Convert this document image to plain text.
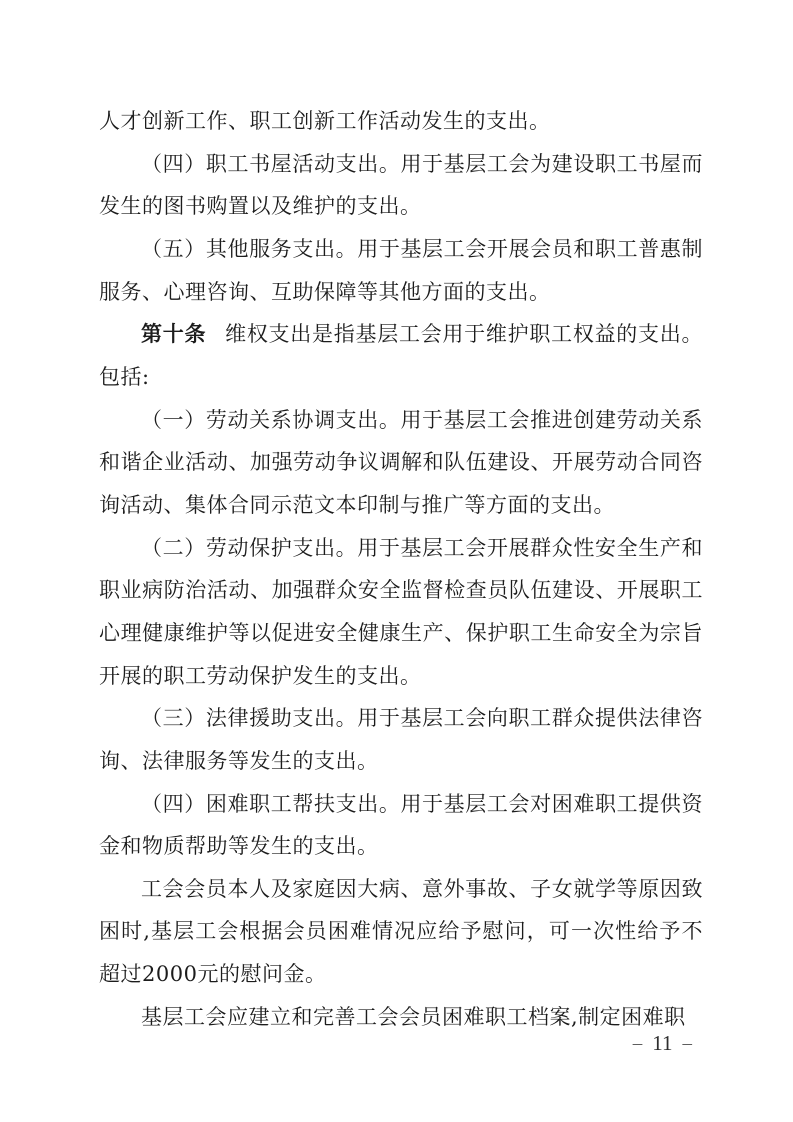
人才创新工作、职工创新工作活动发生的支出。

（四）职工书屋活动支出。用于基层工会为建设职工书屋而发生的图书购置以及维护的支出。

（五）其他服务支出。用于基层工会开展会员和职工普惠制服务、心理咨询、互助保障等其他方面的支出。

第十条 维权支出是指基层工会用于维护职工权益的支出。包括:

（一）劳动关系协调支出。用于基层工会推进创建劳动关系和谐企业活动、加强劳动争议调解和队伍建设、开展劳动合同咨询活动、集体合同示范文本印制与推广等方面的支出。

（二）劳动保护支出。用于基层工会开展群众性安全生产和职业病防治活动、加强群众安全监督检查员队伍建设、开展职工心理健康维护等以促进安全健康生产、保护职工生命安全为宗旨开展的职工劳动保护发生的支出。

（三）法律援助支出。用于基层工会向职工群众提供法律咨询、法律服务等发生的支出。

（四）困难职工帮扶支出。用于基层工会对困难职工提供资金和物质帮助等发生的支出。

工会会员本人及家庭因大病、意外事故、子女就学等原因致困时,基层工会根据会员困难情况应给予慰问，可一次性给予不超过2000元的慰问金。

基层工会应建立和完善工会会员困难职工档案,制定困难职

– 11 –
